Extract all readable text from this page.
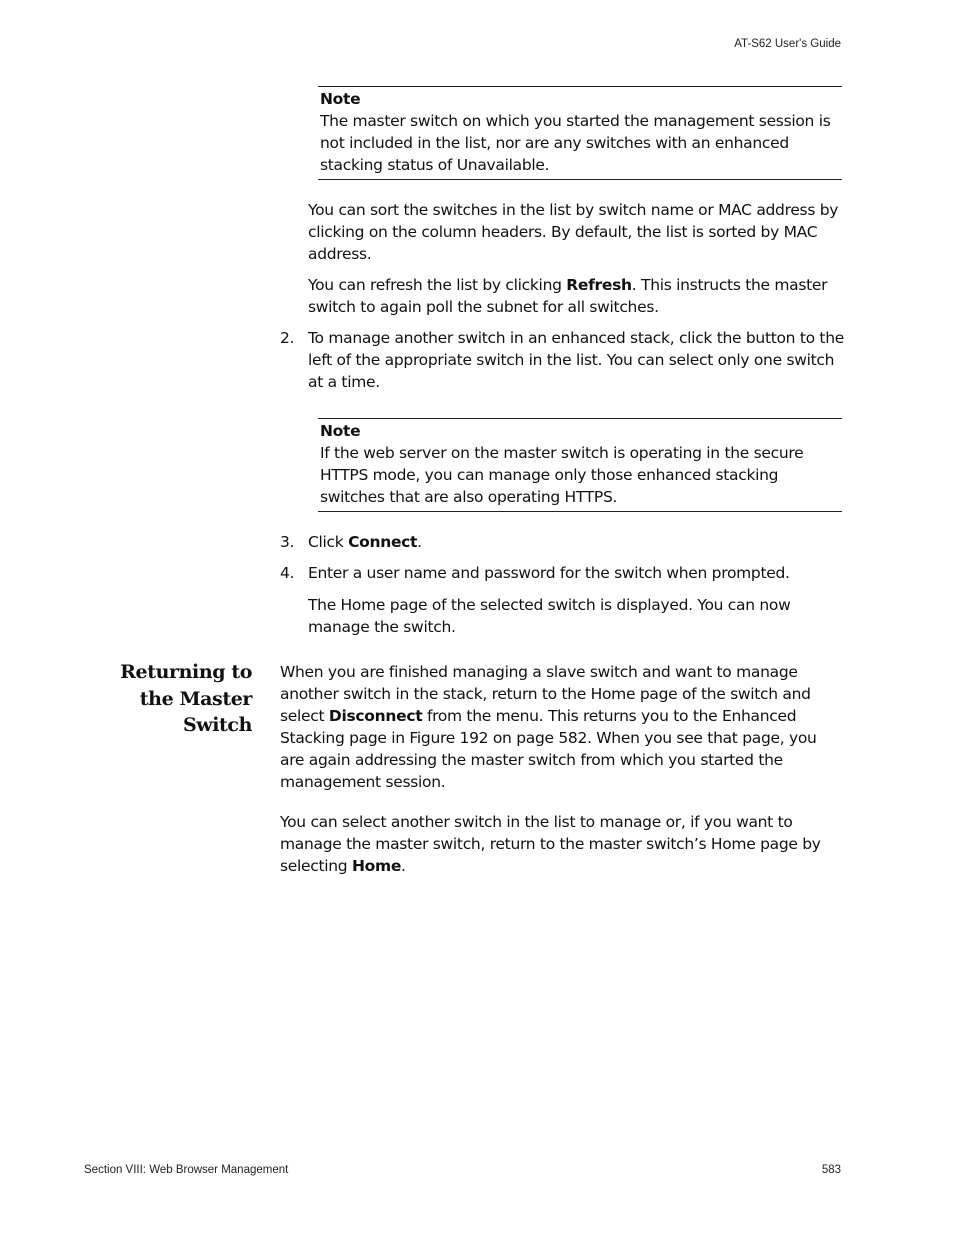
AT-S62 User's Guide
Note
The master switch on which you started the management session is not included in the list, nor are any switches with an enhanced stacking status of Unavailable.
You can sort the switches in the list by switch name or MAC address by clicking on the column headers. By default, the list is sorted by MAC address.
You can refresh the list by clicking Refresh. This instructs the master switch to again poll the subnet for all switches.
2. To manage another switch in an enhanced stack, click the button to the left of the appropriate switch in the list. You can select only one switch at a time.
Note
If the web server on the master switch is operating in the secure HTTPS mode, you can manage only those enhanced stacking switches that are also operating HTTPS.
3. Click Connect.
4. Enter a user name and password for the switch when prompted.
The Home page of the selected switch is displayed. You can now manage the switch.
Returning to
the Master
Switch
When you are finished managing a slave switch and want to manage another switch in the stack, return to the Home page of the switch and select Disconnect from the menu. This returns you to the Enhanced Stacking page in Figure 192 on page 582. When you see that page, you are again addressing the master switch from which you started the management session.
You can select another switch in the list to manage or, if you want to manage the master switch, return to the master switch’s Home page by selecting Home.
Section VIII: Web Browser Management	583
